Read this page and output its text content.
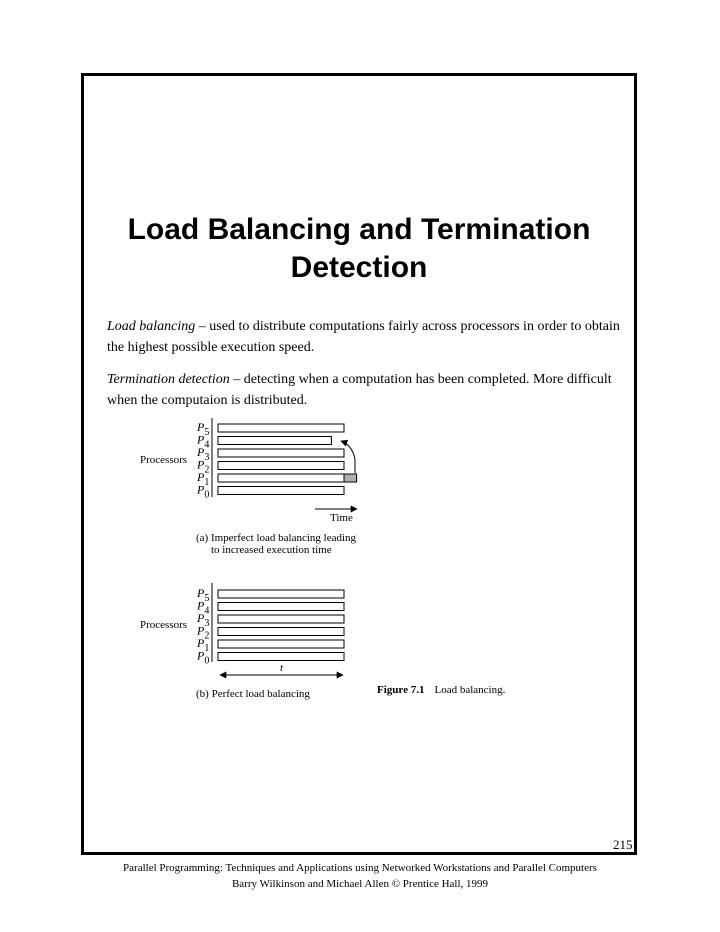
Load Balancing and Termination
Detection

Load balancing – used to distribute computations fairly across processors in order to obtain the highest possible execution speed.

Termination detection – detecting when a computation has been completed. More difficult when the computaion is distributed.

Processors
$P_5$
$P_4$
$P_3$
$P_2$
$P_1$
$P_0$
Time
(a) Imperfect load balancing leading
to increased execution time
Processors
$P_5$
$P_4$
$P_3$
$P_2$
$P_1$
$P_0$
t
(b) Perfect load balancing	Figure 7.1 Load balancing.
215
Parallel Programming: Techniques and Applications using Networked Workstations and Parallel Computers
Barry Wilkinson and Michael Allen © Prentice Hall, 1999
